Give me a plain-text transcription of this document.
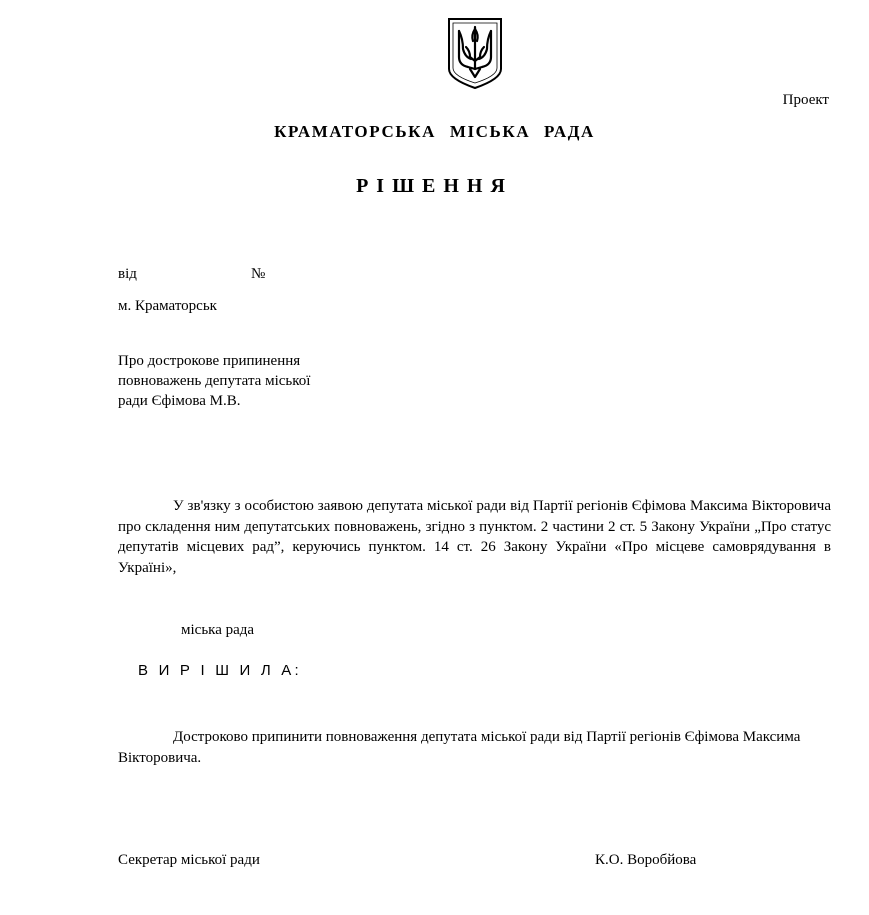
Проект
КРАМАТОРСЬКА МІСЬКА РАДА
РІШЕННЯ
від	№
м. Краматорськ
Про дострокове припинення
повноважень депутата міської
ради Єфімова М.В.
У зв'язку з особистою заявою депутата міської ради від Партії регіонів Єфімова Максима Вікторовича про складення ним депутатських повноважень, згідно з пунктом. 2 частини 2 ст. 5 Закону України „Про статус депутатів місцевих рад”, керуючись пунктом. 14 ст. 26 Закону України «Про місцеве самоврядування в Україні»,
міська рада
В И Р І Ш И Л А:
Достроково припинити повноваження депутата міської ради від Партії регіонів Єфімова Максима Вікторовича.
Секретар міської ради	К.О. Воробйова
